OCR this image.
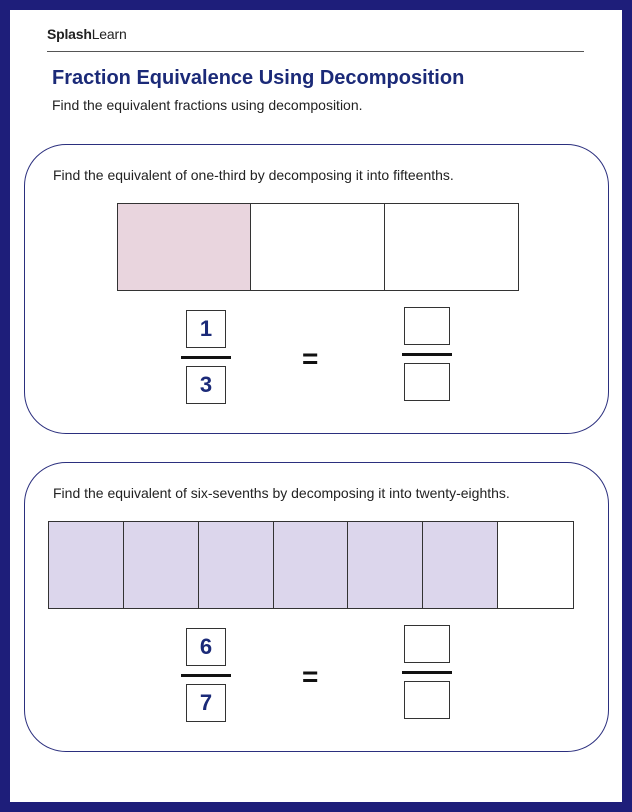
SplashLearn
Fraction Equivalence Using Decomposition
Find the equivalent fractions using decomposition.
Find the equivalent of one-third by decomposing it into fifteenths.
1
3
=
Find the equivalent of six-sevenths by decomposing it into twenty-eighths.
6
7
=
